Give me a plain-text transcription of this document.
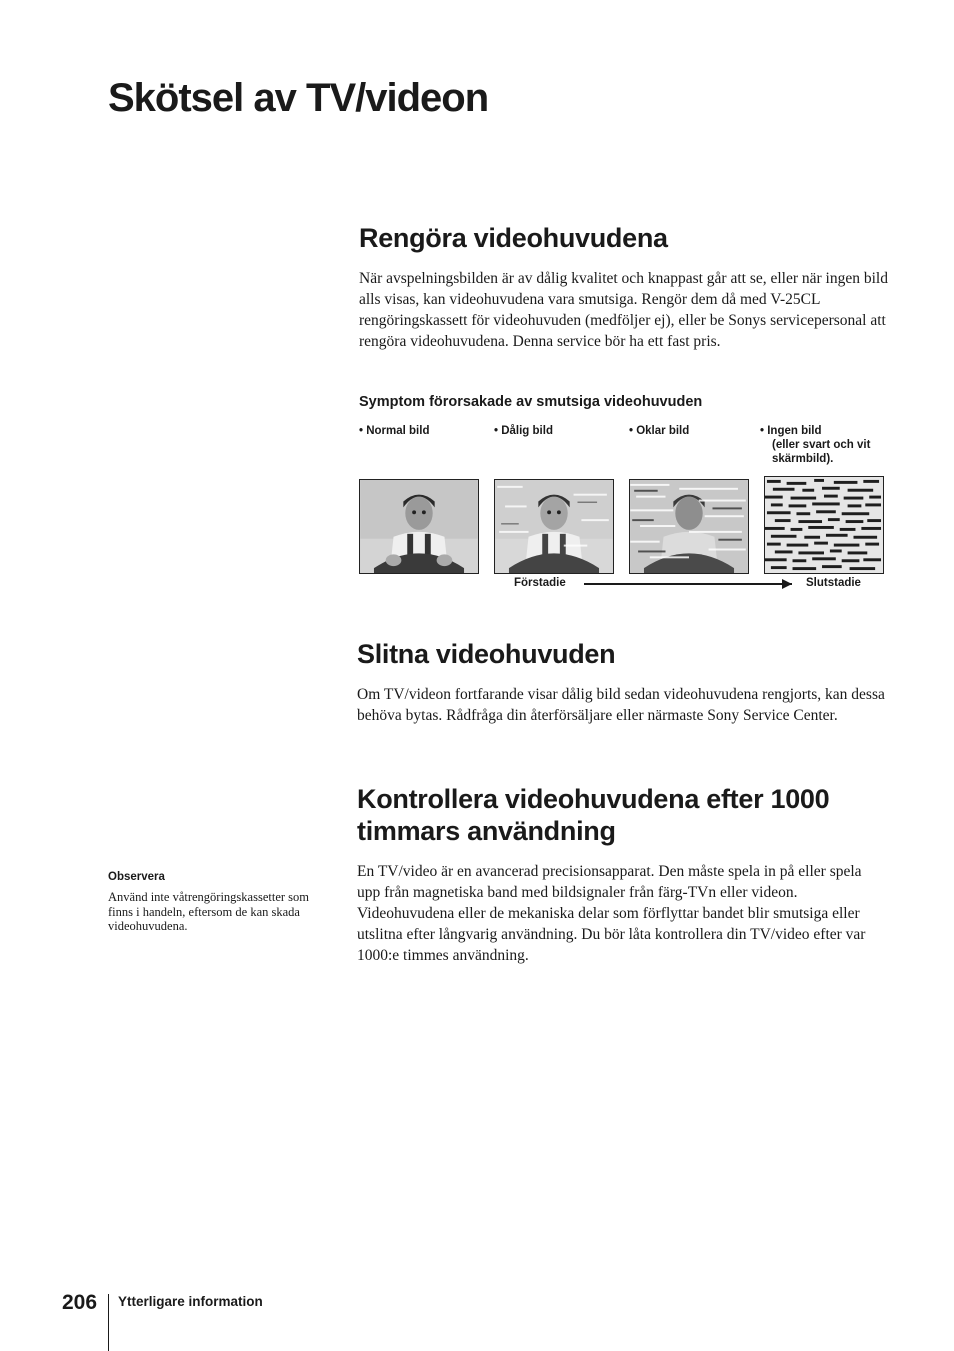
Skötsel av TV/videon
Rengöra videohuvudena
När avspelningsbilden är av dålig kvalitet och knappast går att se, eller när ingen bild alls visas, kan videohuvudena vara smutsiga. Rengör dem då med V-25CL rengöringskassett för videohuvuden (medföljer ej), eller be Sonys servicepersonal att rengöra videohuvudena. Denna service bör ha ett fast pris.
Symptom förorsakade av smutsiga videohuvuden
• Normal bild	• Dålig bild	• Oklar bild	• Ingen bild
(eller svart och vit skärmbild).
Förstadie	Slutstadie
Slitna videohuvuden
Om TV/videon fortfarande visar dålig bild sedan videohuvudena rengjorts, kan dessa behöva bytas. Rådfråga din återförsäljare eller närmaste Sony Service Center.
Kontrollera videohuvudena efter 1000 timmars användning

En TV/video är en avancerad precisionsapparat. Den måste spela in på eller spela upp från magnetiska band med bildsignaler från färg-TVn eller videon.

Videohuvudena eller de mekaniska delar som förflyttar bandet blir smutsiga eller utslitna efter långvarig användning. Du bör låta kontrollera din TV/video efter var 1000:e timmes användning.

Observera
Använd inte våtrengöringskassetter som finns i handeln, eftersom de kan skada videohuvudena.
206 Ytterligare information
